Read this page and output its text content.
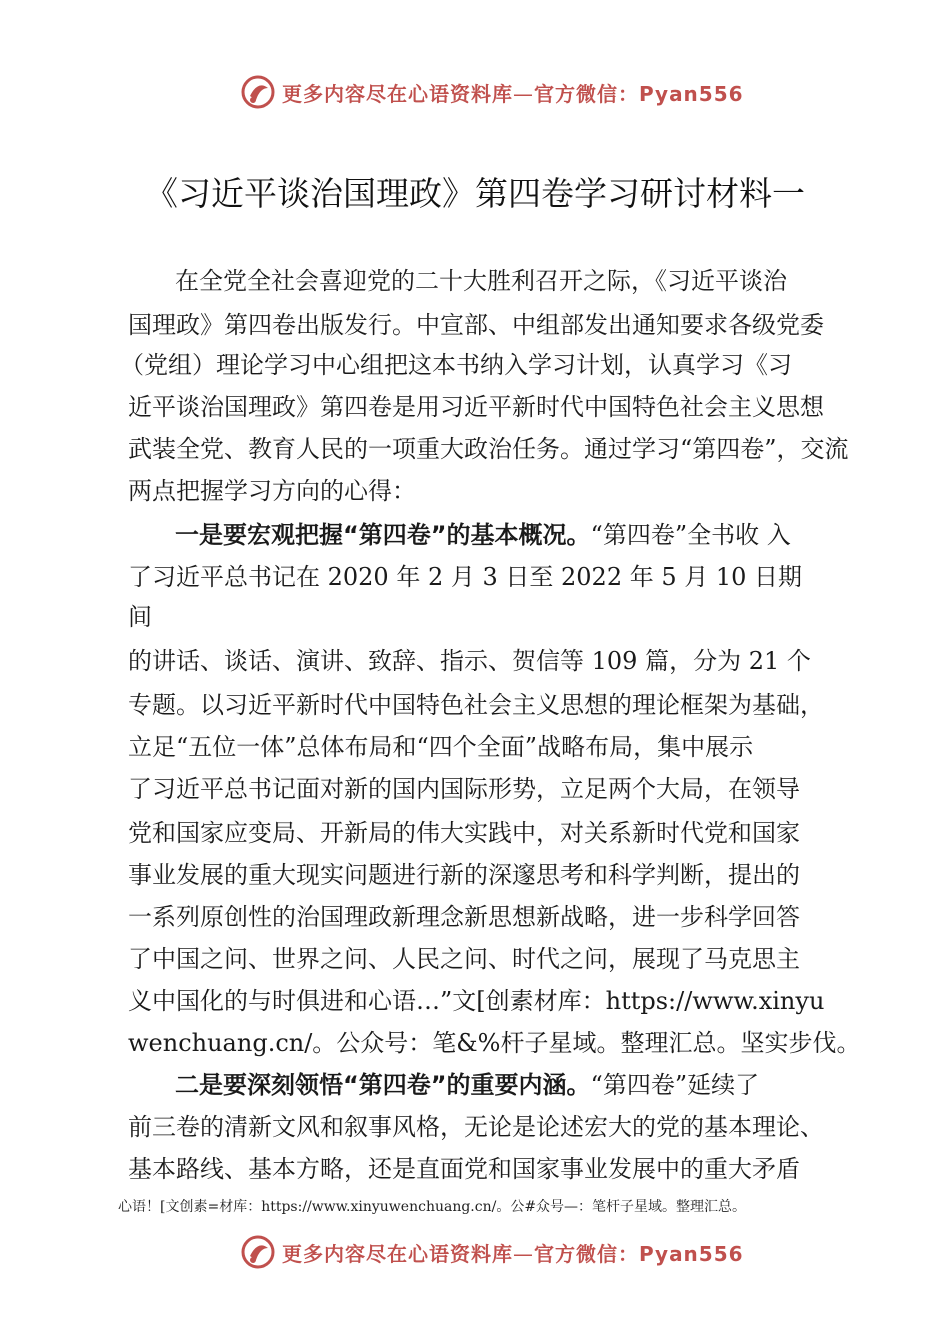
更多内容尽在心语资料库—官方微信：Pyan556
《习近平谈治国理政》第四卷学习研讨材料一
在全党全社会喜迎党的二十大胜利召开之际，《习近平谈治
国理政》第四卷出版发行。中宣部、中组部发出通知要求各级党委
（党组）理论学习中心组把这本书纳入学习计划，认真学习《习
近平谈治国理政》第四卷是用习近平新时代中国特色社会主义思想
武装全党、教育人民的一项重大政治任务。通过学习“第四卷”，交流
两点把握学习方向的心得：
一是要宏观把握“第四卷”的基本概况。“第四卷”全书收 入
了习近平总书记在 2020 年 2 月 3 日至 2022 年 5 月 10 日期
间
的讲话、谈话、演讲、致辞、指示、贺信等 109 篇，分为 21 个
专题。以习近平新时代中国特色社会主义思想的理论框架为基础，
立足“五位一体”总体布局和“四个全面”战略布局，集中展示
了习近平总书记面对新的国内国际形势，立足两个大局，在领导
党和国家应变局、开新局的伟大实践中，对关系新时代党和国家
事业发展的重大现实问题进行新的深邃思考和科学判断，提出的
一系列原创性的治国理政新理念新思想新战略，进一步科学回答
了中国之问、世界之问、人民之问、时代之问，展现了马克思主
义中国化的与时俱进和心语…”文[创素材库：https://www.xinyu
wenchuang.cn/。公众号：笔&%杆子星域。整理汇总。坚实步伐。
二是要深刻领悟“第四卷”的重要内涵。“第四卷”延续了
前三卷的清新文风和叙事风格，无论是论述宏大的党的基本理论、
基本路线、基本方略，还是直面党和国家事业发展中的重大矛盾
心语！[文创素=材库：https://www.xinyuwenchuang.cn/。公#众号—：笔杆子星域。整理汇总。
更多内容尽在心语资料库—官方微信：Pyan556
